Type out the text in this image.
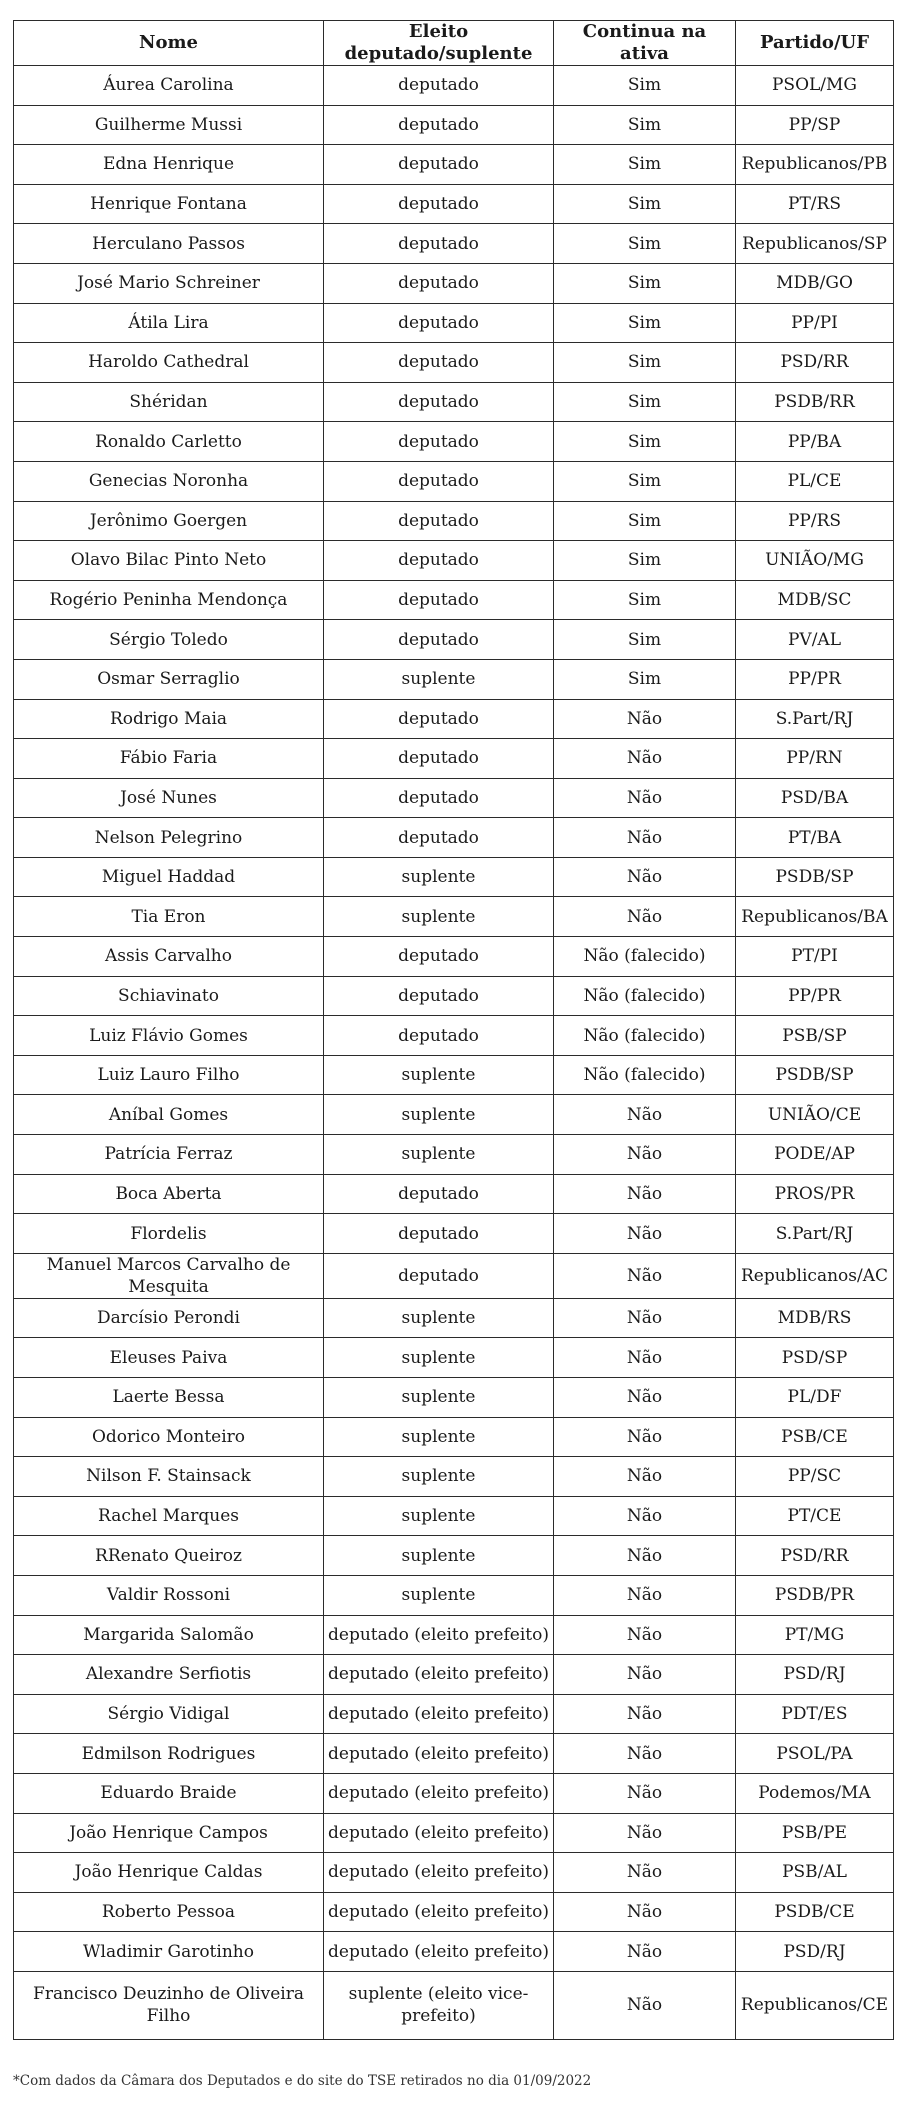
Nome	Eleito deputado/suplente	Continua na ativa	Partido/UF
Áurea Carolina	deputado	Sim	PSOL/MG
Guilherme Mussi	deputado	Sim	PP/SP
Edna Henrique	deputado	Sim	Republicanos/PB
Henrique Fontana	deputado	Sim	PT/RS
Herculano Passos	deputado	Sim	Republicanos/SP
José Mario Schreiner	deputado	Sim	MDB/GO
Átila Lira	deputado	Sim	PP/PI
Haroldo Cathedral	deputado	Sim	PSD/RR
Shéridan	deputado	Sim	PSDB/RR
Ronaldo Carletto	deputado	Sim	PP/BA
Genecias Noronha	deputado	Sim	PL/CE
Jerônimo Goergen	deputado	Sim	PP/RS
Olavo Bilac Pinto Neto	deputado	Sim	UNIÃO/MG
Rogério Peninha Mendonça	deputado	Sim	MDB/SC
Sérgio Toledo	deputado	Sim	PV/AL
Osmar Serraglio	suplente	Sim	PP/PR
Rodrigo Maia	deputado	Não	S.Part/RJ
Fábio Faria	deputado	Não	PP/RN
José Nunes	deputado	Não	PSD/BA
Nelson Pelegrino	deputado	Não	PT/BA
Miguel Haddad	suplente	Não	PSDB/SP
Tia Eron	suplente	Não	Republicanos/BA
Assis Carvalho	deputado	Não (falecido)	PT/PI
Schiavinato	deputado	Não (falecido)	PP/PR
Luiz Flávio Gomes	deputado	Não (falecido)	PSB/SP
Luiz Lauro Filho	suplente	Não (falecido)	PSDB/SP
Aníbal Gomes	suplente	Não	UNIÃO/CE
Patrícia Ferraz	suplente	Não	PODE/AP
Boca Aberta	deputado	Não	PROS/PR
Flordelis	deputado	Não	S.Part/RJ
Manuel Marcos Carvalho de Mesquita	deputado	Não	Republicanos/AC
Darcísio Perondi	suplente	Não	MDB/RS
Eleuses Paiva	suplente	Não	PSD/SP
Laerte Bessa	suplente	Não	PL/DF
Odorico Monteiro	suplente	Não	PSB/CE
Nilson F. Stainsack	suplente	Não	PP/SC
Rachel Marques	suplente	Não	PT/CE
RRenato Queiroz	suplente	Não	PSD/RR
Valdir Rossoni	suplente	Não	PSDB/PR
Margarida Salomão	deputado (eleito prefeito)	Não	PT/MG
Alexandre Serfiotis	deputado (eleito prefeito)	Não	PSD/RJ
Sérgio Vidigal	deputado (eleito prefeito)	Não	PDT/ES
Edmilson Rodrigues	deputado (eleito prefeito)	Não	PSOL/PA
Eduardo Braide	deputado (eleito prefeito)	Não	Podemos/MA
João Henrique Campos	deputado (eleito prefeito)	Não	PSB/PE
João Henrique Caldas	deputado (eleito prefeito)	Não	PSB/AL
Roberto Pessoa	deputado (eleito prefeito)	Não	PSDB/CE
Wladimir Garotinho	deputado (eleito prefeito)	Não	PSD/RJ
Francisco Deuzinho de Oliveira Filho	suplente (eleito vice-prefeito)	Não	Republicanos/CE
*Com dados da Câmara dos Deputados e do site do TSE retirados no dia 01/09/2022
